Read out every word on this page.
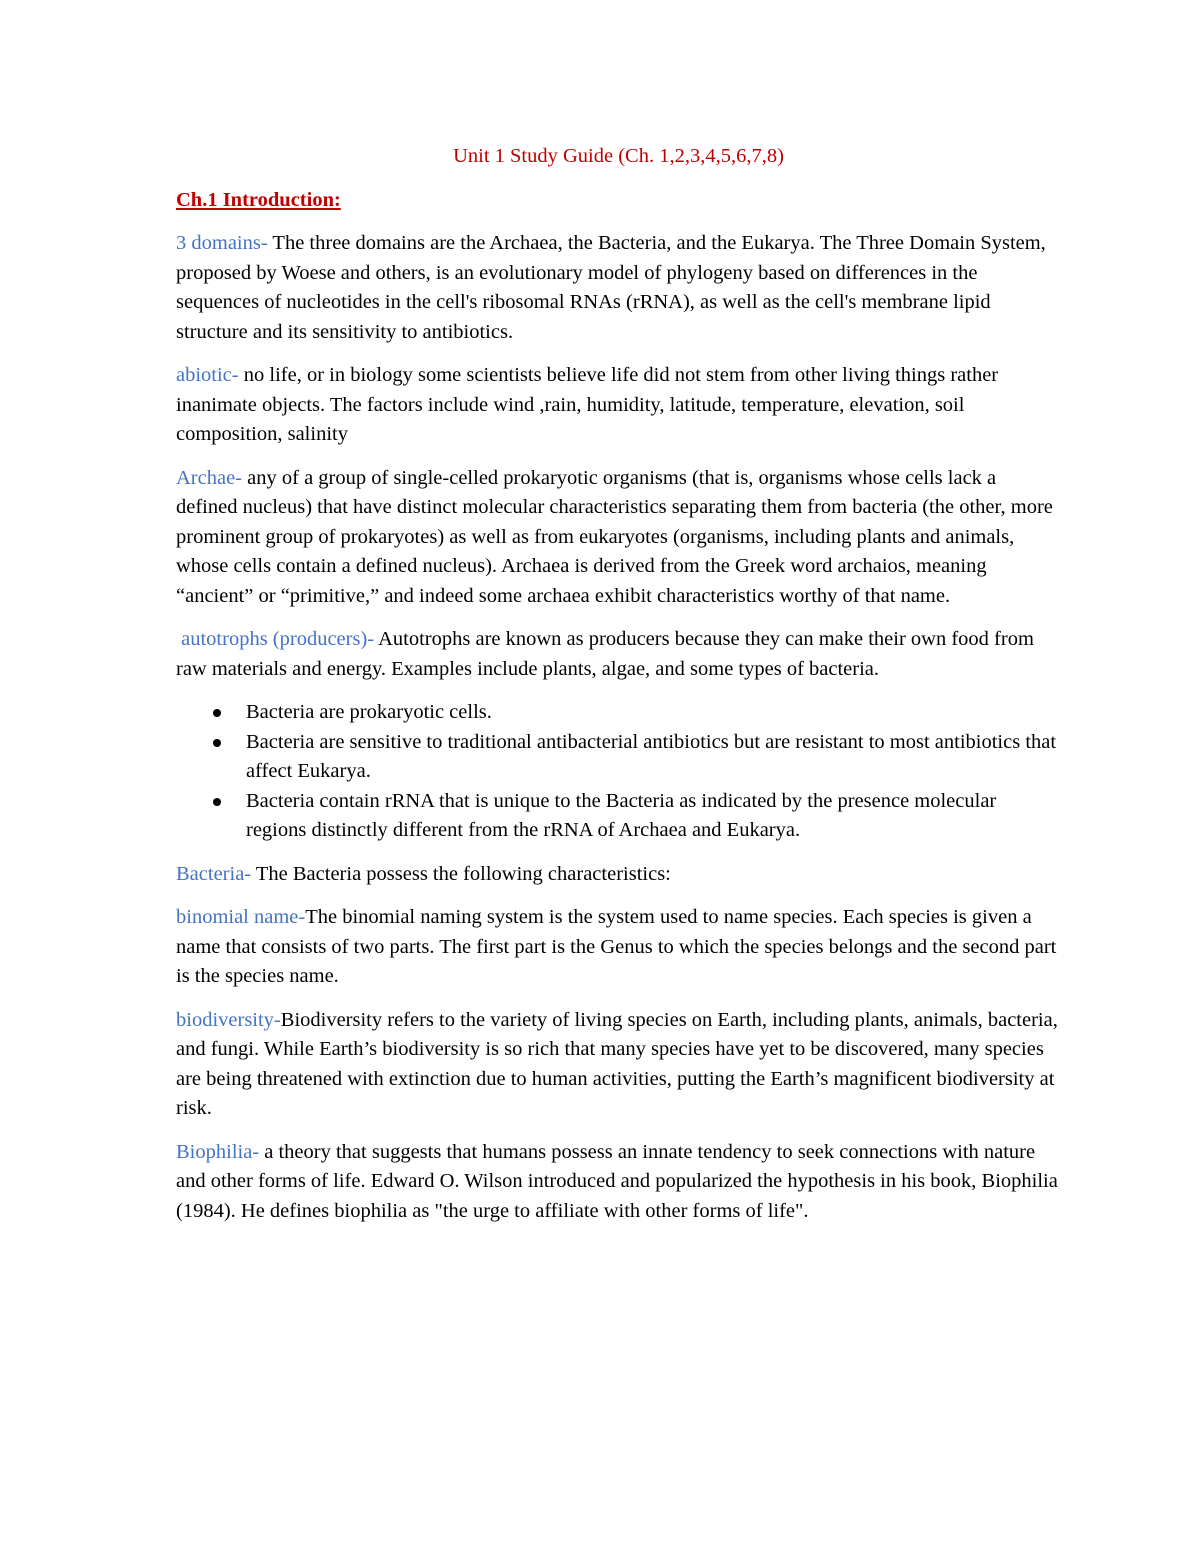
Unit 1 Study Guide (Ch. 1,2,3,4,5,6,7,8)
Ch.1 Introduction:

3 domains- The three domains are the Archaea, the Bacteria, and the Eukarya. The Three Domain System, proposed by Woese and others, is an evolutionary model of phylogeny based on differences in the sequences of nucleotides in the cell's ribosomal RNAs (rRNA), as well as the cell's membrane lipid structure and its sensitivity to antibiotics.

abiotic- no life, or in biology some scientists believe life did not stem from other living things rather inanimate objects. The factors include wind ,rain, humidity, latitude, temperature, elevation, soil composition, salinity

Archae- any of a group of single-celled prokaryotic organisms (that is, organisms whose cells lack a defined nucleus) that have distinct molecular characteristics separating them from bacteria (the other, more prominent group of prokaryotes) as well as from eukaryotes (organisms, including plants and animals, whose cells contain a defined nucleus). Archaea is derived from the Greek word archaios, meaning “ancient” or “primitive,” and indeed some archaea exhibit characteristics worthy of that name.

autotrophs (producers)- Autotrophs are known as producers because they can make their own food from raw materials and energy. Examples include plants, algae, and some types of bacteria.

Bacteria are prokaryotic cells.
Bacteria are sensitive to traditional antibacterial antibiotics but are resistant to most antibiotics that affect Eukarya.
Bacteria contain rRNA that is unique to the Bacteria as indicated by the presence molecular regions distinctly different from the rRNA of Archaea and Eukarya.

Bacteria- The Bacteria possess the following characteristics:

binomial name-The binomial naming system is the system used to name species. Each species is given a name that consists of two parts. The first part is the Genus to which the species belongs and the second part is the species name.

biodiversity-Biodiversity refers to the variety of living species on Earth, including plants, animals, bacteria, and fungi. While Earth’s biodiversity is so rich that many species have yet to be discovered, many species are being threatened with extinction due to human activities, putting the Earth’s magnificent biodiversity at risk.

Biophilia- a theory that suggests that humans possess an innate tendency to seek connections with nature and other forms of life. Edward O. Wilson introduced and popularized the hypothesis in his book, Biophilia (1984). He defines biophilia as "the urge to affiliate with other forms of life".
